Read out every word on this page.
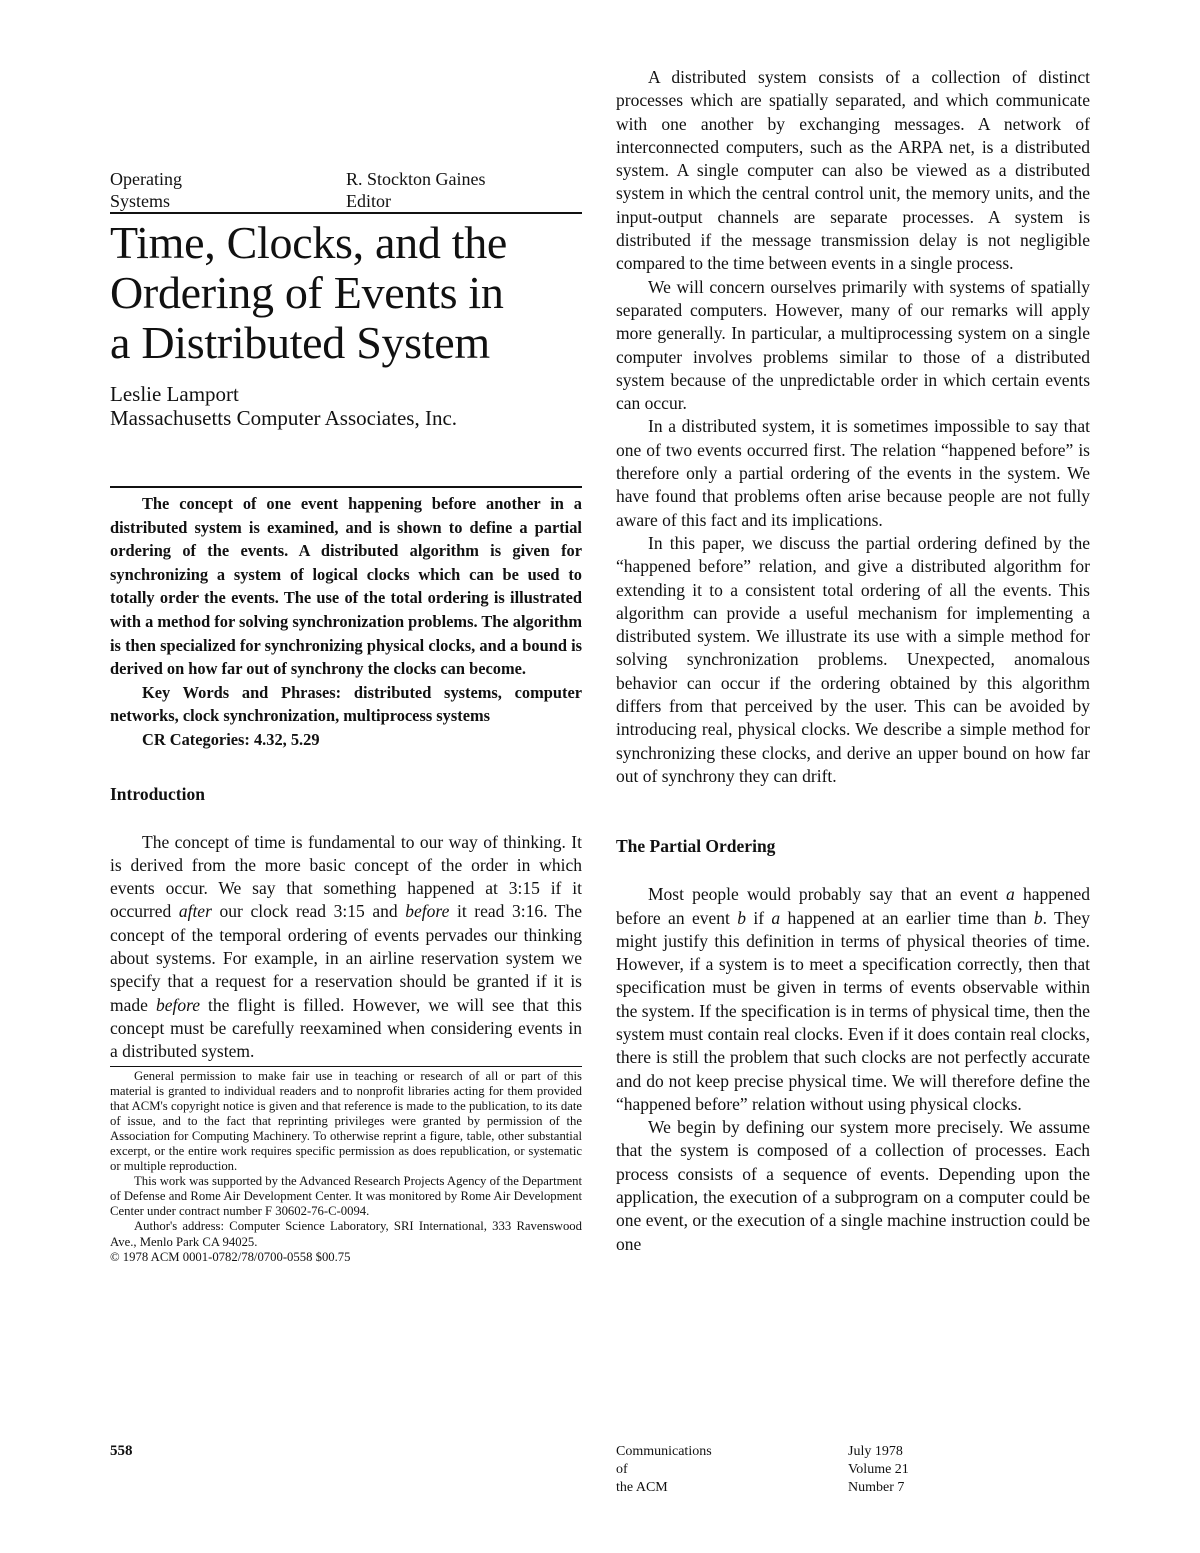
Operating
Systems
R. Stockton Gaines
Editor
Time, Clocks, and the
Ordering of Events in
a Distributed System
Leslie Lamport
Massachusetts Computer Associates, Inc.

The concept of one event happening before another in a distributed system is examined, and is shown to define a partial ordering of the events. A distributed algorithm is given for synchronizing a system of logical clocks which can be used to totally order the events. The use of the total ordering is illustrated with a method for solving synchronization problems. The algorithm is then specialized for synchronizing physical clocks, and a bound is derived on how far out of synchrony the clocks can become.

Key Words and Phrases: distributed systems, computer networks, clock synchronization, multiprocess systems

CR Categories: 4.32, 5.29

Introduction

The concept of time is fundamental to our way of thinking. It is derived from the more basic concept of the order in which events occur. We say that something happened at 3:15 if it occurred after our clock read 3:15 and before it read 3:16. The concept of the temporal ordering of events pervades our thinking about systems. For example, in an airline reservation system we specify that a request for a reservation should be granted if it is made before the flight is filled. However, we will see that this concept must be carefully reexamined when considering events in a distributed system.

General permission to make fair use in teaching or research of all or part of this material is granted to individual readers and to nonprofit libraries acting for them provided that ACM's copyright notice is given and that reference is made to the publication, to its date of issue, and to the fact that reprinting privileges were granted by permission of the Association for Computing Machinery. To otherwise reprint a figure, table, other substantial excerpt, or the entire work requires specific permission as does republication, or systematic or multiple reproduction.

This work was supported by the Advanced Research Projects Agency of the Department of Defense and Rome Air Development Center. It was monitored by Rome Air Development Center under contract number F 30602-76-C-0094.

Author's address: Computer Science Laboratory, SRI International, 333 Ravenswood Ave., Menlo Park CA 94025.

© 1978 ACM 0001-0782/78/0700-0558 $00.75

A distributed system consists of a collection of distinct processes which are spatially separated, and which communicate with one another by exchanging messages. A network of interconnected computers, such as the ARPA net, is a distributed system. A single computer can also be viewed as a distributed system in which the central control unit, the memory units, and the input-output channels are separate processes. A system is distributed if the message transmission delay is not negligible compared to the time between events in a single process.

We will concern ourselves primarily with systems of spatially separated computers. However, many of our remarks will apply more generally. In particular, a multiprocessing system on a single computer involves problems similar to those of a distributed system because of the unpredictable order in which certain events can occur.

In a distributed system, it is sometimes impossible to say that one of two events occurred first. The relation “happened before” is therefore only a partial ordering of the events in the system. We have found that problems often arise because people are not fully aware of this fact and its implications.

In this paper, we discuss the partial ordering defined by the “happened before” relation, and give a distributed algorithm for extending it to a consistent total ordering of all the events. This algorithm can provide a useful mechanism for implementing a distributed system. We illustrate its use with a simple method for solving synchronization problems. Unexpected, anomalous behavior can occur if the ordering obtained by this algorithm differs from that perceived by the user. This can be avoided by introducing real, physical clocks. We describe a simple method for synchronizing these clocks, and derive an upper bound on how far out of synchrony they can drift.

The Partial Ordering

Most people would probably say that an event a happened before an event b if a happened at an earlier time than b. They might justify this definition in terms of physical theories of time. However, if a system is to meet a specification correctly, then that specification must be given in terms of events observable within the system. If the specification is in terms of physical time, then the system must contain real clocks. Even if it does contain real clocks, there is still the problem that such clocks are not perfectly accurate and do not keep precise physical time. We will therefore define the “happened before” relation without using physical clocks.

We begin by defining our system more precisely. We assume that the system is composed of a collection of processes. Each process consists of a sequence of events. Depending upon the application, the execution of a subprogram on a computer could be one event, or the execution of a single machine instruction could be one

558	Communications
of
the ACM
July 1978
Volume 21
Number 7
